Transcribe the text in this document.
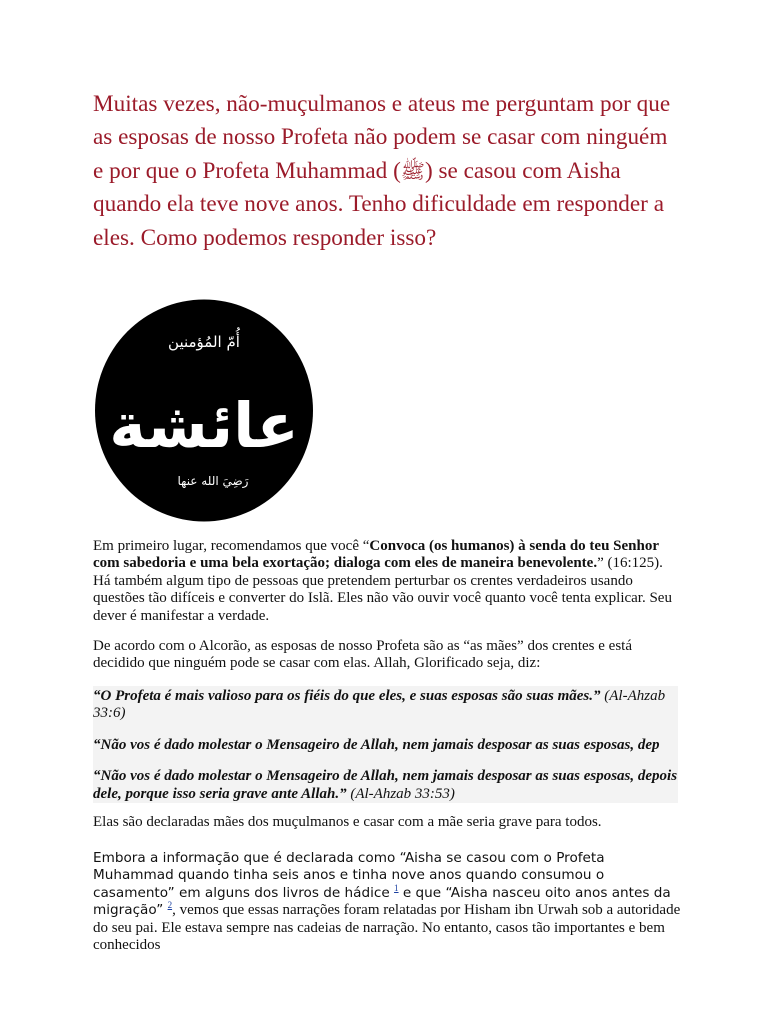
Muitas vezes, não-muçulmanos e ateus me perguntam por que as esposas de nosso Profeta não podem se casar com ninguém e por que o Profeta Muhammad (ﷺ) se casou com Aisha quando ela teve nove anos. Tenho dificuldade em responder a eles. Como podemos responder isso?
أُمّ المُؤمنين
عائشة
رَضِيَ الله عنها
Em primeiro lugar, recomendamos que você “Convoca (os humanos) à senda do teu Senhor com sabedoria e uma bela exortação; dialoga com eles de maneira benevolente.” (16:125). Há também algum tipo de pessoas que pretendem perturbar os crentes verdadeiros usando questões tão difíceis e converter do Islã. Eles não vão ouvir você quanto você tenta explicar. Seu dever é manifestar a verdade.
De acordo com o Alcorão, as esposas de nosso Profeta são as “as mães” dos crentes e está decidido que ninguém pode se casar com elas. Allah, Glorificado seja, diz:

“O Profeta é mais valioso para os fiéis do que eles, e suas esposas são suas mães.” (Al-Ahzab 33:6)

“Não vos é dado molestar o Mensageiro de Allah, nem jamais desposar as suas esposas, dep

“Não vos é dado molestar o Mensageiro de Allah, nem jamais desposar as suas esposas, depois dele, porque isso seria grave ante Allah.” (Al-Ahzab 33:53)

Elas são declaradas mães dos muçulmanos e casar com a mãe seria grave para todos.
Embora a informação que é declarada como “Aisha se casou com o Profeta Muhammad quando tinha seis anos e tinha nove anos quando consumou o casamento” em alguns dos livros de hádice $^1$ e que “Aisha nasceu oito anos antes da migração” $^2$, vemos que essas narrações foram relatadas por Hisham ibn Urwah sob a autoridade do seu pai. Ele estava sempre nas cadeias de narração. No entanto, casos tão importantes e bem conhecidos
